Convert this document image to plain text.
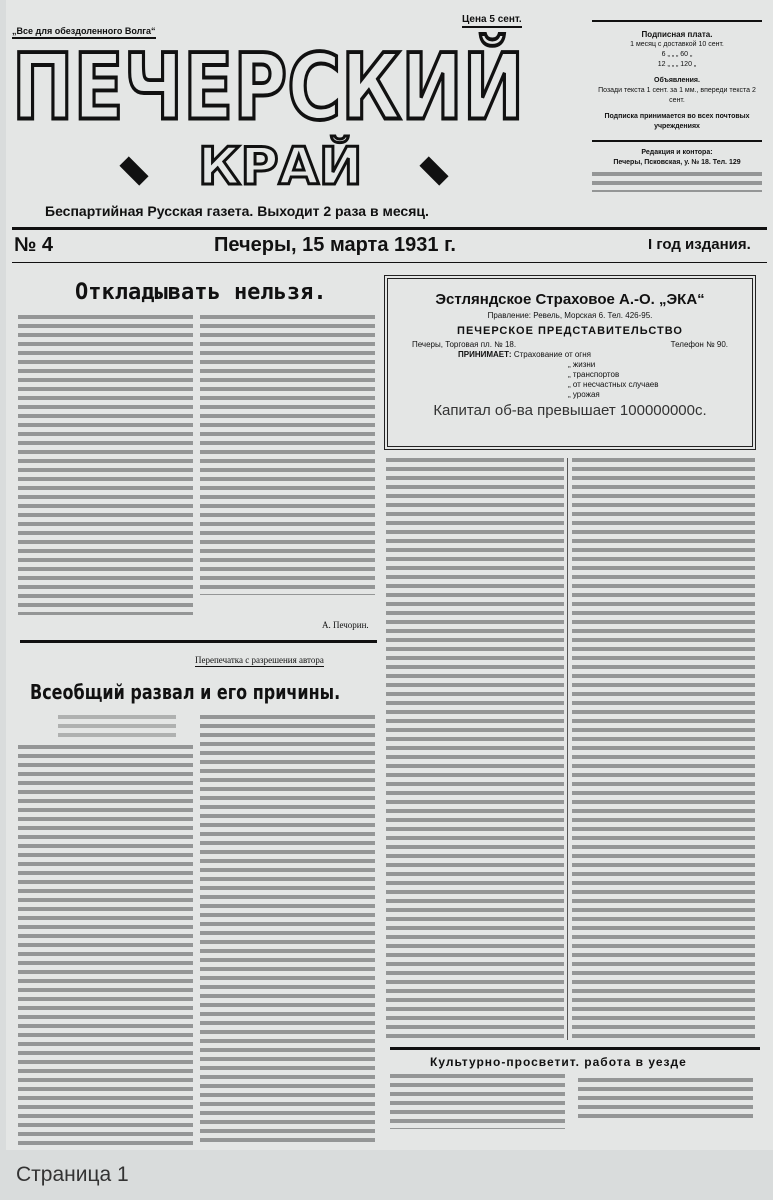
„Все для обездоленного Волга“
Цена 5 сент.
ПЕЧЕРСКИЙ
КРАЙ
Беспартийная Русская газета. Выходит 2 раза в месяц.
Подписная плата.
1 месяц с доставкой 10 сент.
6 „ „ „ 60 „
12 „ „ „ 120 „
Объявления.
Позади текста 1 сент. за 1 мм., впереди текста 2 сент.
Подписка принимается во всех почтовых учреждениях
Редакция и контора:
Печеры, Псковская, у. № 18. Тел. 129
№ 4	Печеры, 15 марта 1931 г.	I год издания.
Откладывать нельзя.
А. Печорин.
Перепечатка с разрешения автора
Всеобщий развал и его причины.
Эстляндское Страховое А.-О. „ЭКА“
Правление: Ревель, Морская 6. Тел. 426-95.
ПЕЧЕРСКОЕ ПРЕДСТАВИТЕЛЬСТВО
Печеры, Торговая пл. № 18.	Телефон № 90.
ПРИНИМАЕТ: Страхование от огня
„ жизни
„ транспортов
„ от несчастных случаев
„ урожая
Капитал об-ва превышает 100000000с.
Культурно-просветит. работа в уезде
Страница 1
